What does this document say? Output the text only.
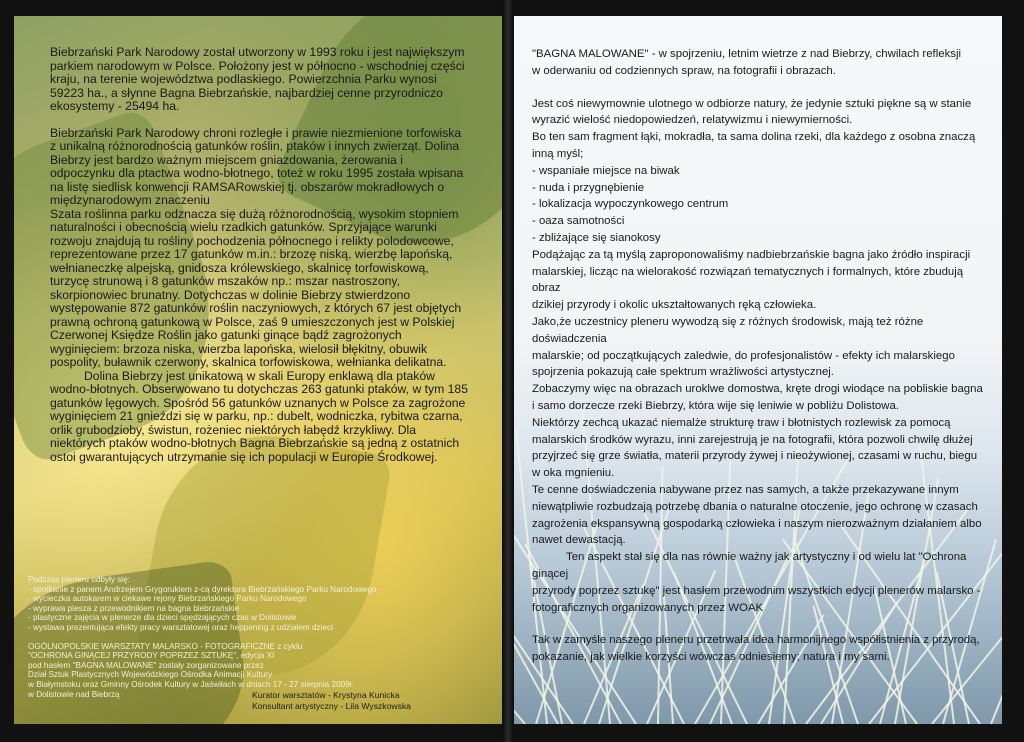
Biebrzański Park Narodowy został utworzony w 1993 roku i jest największym parkiem narodowym w Polsce. Położony jest w północno - wschodniej części kraju, na terenie województwa podlaskiego. Powierzchnia Parku wynosi 59223 ha., a słynne Bagna Biebrzańskie, najbardziej cenne przyrodniczo ekosystemy - 25494 ha.

Biebrzański Park Narodowy chroni rozległe i prawie niezmienione torfowiska z unikalną różnorodnością gatunków roślin, ptaków i innych zwierząt. Dolina Biebrzy jest bardzo ważnym miejscem gniazdowania, żerowania i odpoczynku dla ptactwa wodno-błotnego, toteż w roku 1995 została wpisana na listę siedlisk konwencji RAMSARowskiej tj. obszarów mokradłowych o międzynarodowym znaczeniu

Szata roślinna parku odznacza się dużą różnorodnością, wysokim stopniem naturalności i obecnością wielu rzadkich gatunków. Sprzyjające warunki rozwoju znajdują tu rośliny pochodzenia północnego i relikty polodowcowe, reprezentowane przez 17 gatunków m.in.: brzozę niską, wierzbę lapońską, wełnianeczkę alpejską, gnidosza królewskiego, skalnicę torfowiskową, turzycę strunową i 8 gatunków mszaków np.: mszar nastroszony, skorpionowiec brunatny. Dotychczas w dolinie Biebrzy stwierdzono występowanie 872 gatunków roślin naczyniowych, z których 67 jest objętych prawną ochroną gatunkową w Polsce, zaś 9 umieszczonych jest w Polskiej Czerwonej Księdze Roślin jako gatunki ginące bądź zagrożonych wyginięciem: brzoza niska, wierzba lapońska, wielosił błękitny, obuwik pospolity, buławnik czerwony, skalnica torfowiskowa, wełnianka delikatna.

Dolina Biebrzy jest unikatową w skali Europy enklawą dla ptaków wodno-błotnych. Obserwowano tu dotychczas 263 gatunki ptaków, w tym 185 gatunków lęgowych. Spośród 56 gatunków uznanych w Polsce za zagrożone wyginięciem 21 gnieździ się w parku, np.: dubelt, wodniczka, rybitwa czarna, orlik grubodzioby, świstun, rożeniec niektórych łabędź krzykliwy. Dla niektórych ptaków wodno-błotnych Bagna Biebrzańskie są jedną z ostatnich ostoi gwarantujących utrzymanie się ich populacji w Europie Środkowej.

Podczas pleneru odbyły się:

- spotkanie z panem Andrzejem Grygorukiem z-cą dyrektora Biebrzańskiego Parku Narodowego

- wycieczka autokarem w ciekawe rejony Biebrzańskiego Parku Narodowego

- wyprawa piesza z przewodnikiem na bagna biebrzańskie

- plastyczne zajęcia w plenerze dla dzieci spędzających czas w Dolistowie

- wystawa prezentująca efekty pracy warsztatowej oraz heppening z udziałem dzieci

OGÓLNOPOLSKIE WARSZTATY MALARSKO - FOTOGRAFICZNE z cyklu

"OCHRONA GINĄCEJ PRZYRODY POPRZEZ SZTUKĘ", edycja XI

pod hasłem "BAGNA MALOWANE" zostały zorganizowane przez

Dział Sztuk Plastycznych Wojewódzkiego Ośrodka Animacji Kultury

w Białymstoku oraz Gminny Ośrodek Kultury w Jaświłach w dniach 17 - 27 sierpnia 2009r.

w Dolistowie nad Biebrzą	Kurator warsztatów - Krystyna Kunicka
Konsultant artystyczny - Lila Wyszkowska

"BAGNA MALOWANE" - w spojrzeniu, letnim wietrze z nad Biebrzy, chwilach refleksji

w oderwaniu od codziennych spraw, na fotografii i obrazach.

Jest coś niewymownie ulotnego w odbiorze natury, że jedynie sztuki piękne są w stanie

wyrazić wielość niedopowiedzeń, relatywizmu i niewymierności.

Bo ten sam fragment łąki, mokradła, ta sama dolina rzeki, dla każdego z osobna znaczą inną myśl;

- wspaniałe miejsce na biwak

- nuda i przygnębienie

- lokalizacja wypoczynkowego centrum

- oaza samotności

- zbliżające się sianokosy

Podążając za tą myślą zaproponowaliśmy nadbiebrzańskie bagna jako źródło inspiracji

malarskiej, licząc na wielorakość rozwiązań tematycznych i formalnych, które zbudują obraz

dzikiej przyrody i okolic ukształtowanych ręką człowieka.

Jako,że uczestnicy pleneru wywodzą się z różnych środowisk, mają też różne doświadczenia

malarskie; od początkujących zaledwie, do profesjonalistów - efekty ich malarskiego

spojrzenia pokazują całe spektrum wrażliwości artystycznej.

Zobaczymy więc na obrazach uroklwe domostwa, kręte drogi wiodące na pobliskie bagna

i samo dorzecze rzeki Biebrzy, która wije się leniwie w pobliżu Dolistowa.

Niektórzy zechcą ukazać niemalże strukturę traw i błotnistych rozlewisk za pomocą

malarskich środków wyrazu, inni zarejestrują je na fotografii, która pozwoli chwilę dłużej

przyjrzeć się grze światła, materii przyrody żywej i nieożywionej, czasami w ruchu, biegu

w oka mgnieniu.

Te cenne doświadczenia nabywane przez nas samych, a także przekazywane innym

niewątpliwie rozbudzają potrzebę dbania o naturalne otoczenie, jego ochronę w czasach

zagrożenia ekspansywną gospodarką człowieka i naszym nierozważnym działaniem albo

nawet dewastacją.

Ten aspekt stał się dla nas równie ważny jak artystyczny i od wielu lat "Ochrona ginącej

przyrody poprzez sztukę" jest hasłem przewodnim wszystkich edycji plenerów malarsko -

fotograficznych organizowanych przez WOAK

Tak w zamyśle naszego pleneru przetrwała idea harmonijnego współistnienia z przyrodą,

pokazanie, jak wielkie korzyści wówczas odniesiemy; natura i my sami.
